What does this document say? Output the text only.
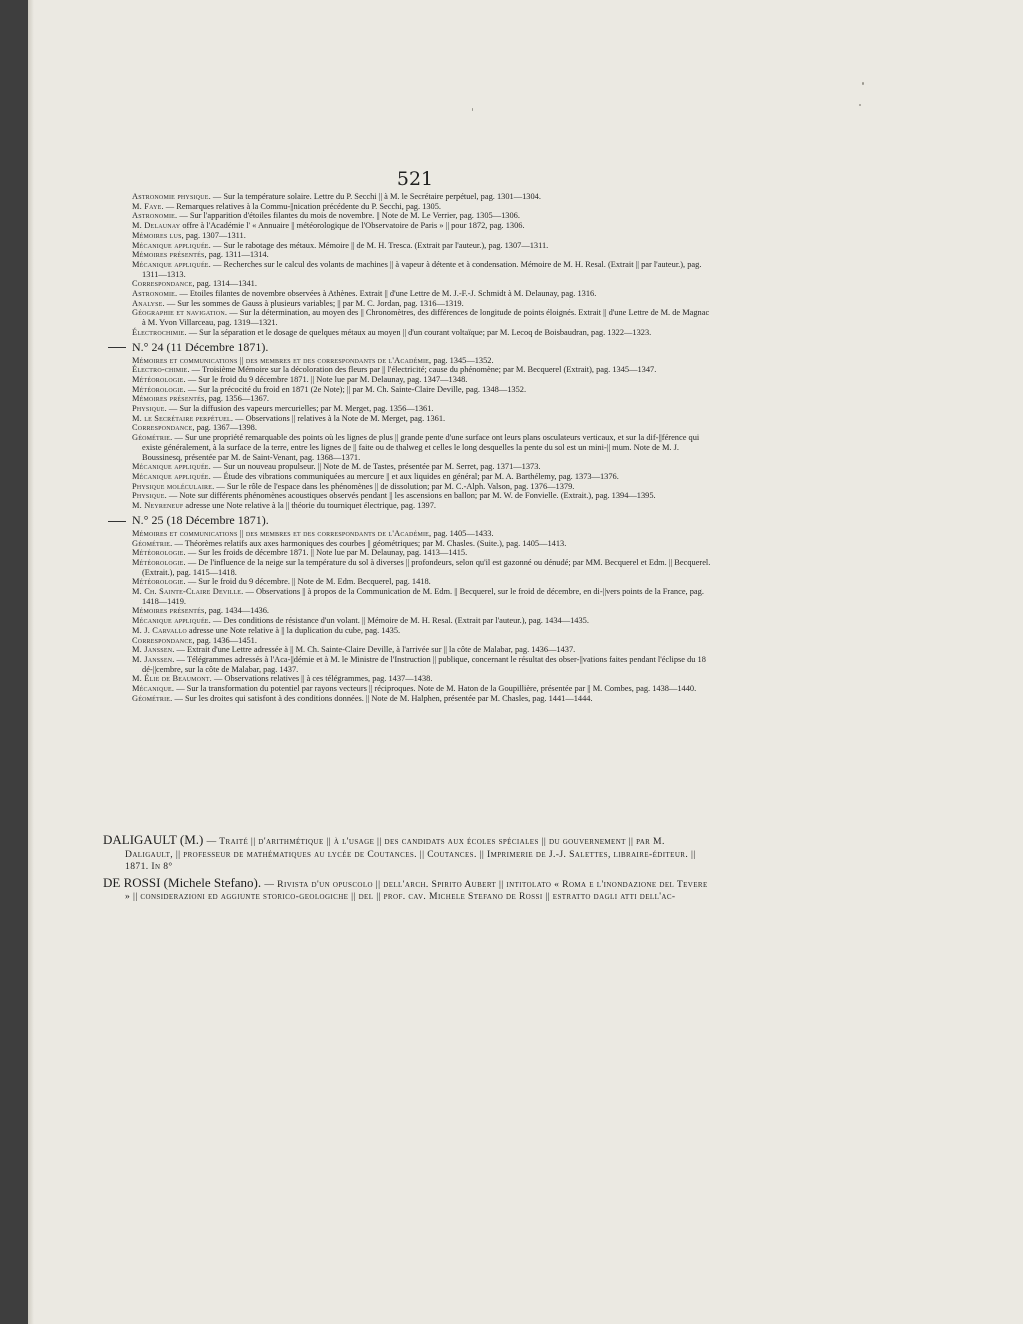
521

Astronomie physique. — Sur la température solaire. Lettre du P. Secchi || à M. le Secrétaire perpétuel, pag. 1301—1304.

M. Faye. — Remarques relatives à la Commu-||nication précédente du P. Secchi, pag. 1305.

Astronomie. — Sur l'apparition d'étoiles filantes du mois de novembre. || Note de M. Le Verrier, pag. 1305—1306.

M. Delaunay offre à l'Académie l' « Annuaire || météorologique de l'Observatoire de Paris » || pour 1872, pag. 1306.

Mémoires lus, pag. 1307—1311.

Mécanique appliquée. — Sur le rabotage des métaux. Mémoire || de M. H. Tresca. (Extrait par l'auteur.), pag. 1307—1311.

Mémoires présentés, pag. 1311—1314.

Mécanique appliquée. — Recherches sur le calcul des volants de machines || à vapeur à détente et à condensation. Mémoire de M. H. Resal. (Extrait || par l'auteur.), pag. 1311—1313.

Correspondance, pag. 1314—1341.

Astronomie. — Etoiles filantes de novembre observées à Athènes. Extrait || d'une Lettre de M. J.-F.-J. Schmidt à M. Delaunay, pag. 1316.

Analyse. — Sur les sommes de Gauss à plusieurs variables; || par M. C. Jordan, pag. 1316—1319.

Géographie et navigation. — Sur la détermination, au moyen des || Chronomètres, des différences de longitude de points éloignés. Extrait || d'une Lettre de M. de Magnac à M. Yvon Villarceau, pag. 1319—1321.

Électrochimie. — Sur la séparation et le dosage de quelques métaux au moyen || d'un courant voltaïque; par M. Lecoq de Boisbaudran, pag. 1322—1323.

N.° 24 (11 Décembre 1871).

Mémoires et communications || des membres et des correspondants de l'Académie, pag. 1345—1352.

Électro-chimie. — Troisième Mémoire sur la décoloration des fleurs par || l'électricité; cause du phénomène; par M. Becquerel (Extrait), pag. 1345—1347.

Météorologie. — Sur le froid du 9 décembre 1871. || Note lue par M. Delaunay, pag. 1347—1348.

Météorologie. — Sur la précocité du froid en 1871 (2e Note); || par M. Ch. Sainte-Claire Deville, pag. 1348—1352.

Mémoires présentés, pag. 1356—1367.

Physique. — Sur la diffusion des vapeurs mercurielles; par M. Merget, pag. 1356—1361.

M. le Secrétaire perpétuel. — Observations || relatives à la Note de M. Merget, pag. 1361.

Correspondance, pag. 1367—1398.

Géométrie. — Sur une propriété remarquable des points où les lignes de plus || grande pente d'une surface ont leurs plans osculateurs verticaux, et sur la dif-||férence qui existe généralement, à la surface de la terre, entre les lignes de || faite ou de thalweg et celles le long desquelles la pente du sol est un mini-|| mum. Note de M. J. Boussinesq, présentée par M. de Saint-Venant, pag. 1368—1371.

Mécanique appliquée. — Sur un nouveau propulseur. || Note de M. de Tastes, présentée par M. Serret, pag. 1371—1373.

Mécanique appliquée. — Étude des vibrations communiquées au mercure || et aux liquides en général; par M. A. Barthélemy, pag. 1373—1376.

Physique moléculaire. — Sur le rôle de l'espace dans les phénomènes || de dissolution; par M. C.-Alph. Valson, pag. 1376—1379.

Physique. — Note sur différents phénomènes acoustiques observés pendant || les ascensions en ballon; par M. W. de Fonvielle. (Extrait.), pag. 1394—1395.

M. Neyreneuf adresse une Note relative à la || théorie du tourniquet électrique, pag. 1397.

N.° 25 (18 Décembre 1871).

Mémoires et communications || des membres et des correspondants de l'Académie, pag. 1405—1433.

Géométrie. — Théorèmes relatifs aux axes harmoniques des courbes || géométriques; par M. Chasles. (Suite.), pag. 1405—1413.

Météorologie. — Sur les froids de décembre 1871. || Note lue par M. Delaunay, pag. 1413—1415.

Météorologie. — De l'influence de la neige sur la température du sol à diverses || profondeurs, selon qu'il est gazonné ou dénudé; par MM. Becquerel et Edm. || Becquerel. (Extrait.), pag. 1415—1418.

Météorologie. — Sur le froid du 9 décembre. || Note de M. Edm. Becquerel, pag. 1418.

M. Ch. Sainte-Claire Deville. — Observations || à propos de la Communication de M. Edm. || Becquerel, sur le froid de décembre, en di-||vers points de la France, pag. 1418—1419.

Mémoires présentés, pag. 1434—1436.

Mécanique appliquée. — Des conditions de résistance d'un volant. || Mémoire de M. H. Resal. (Extrait par l'auteur.), pag. 1434—1435.

M. J. Carvallo adresse une Note relative à || la duplication du cube, pag. 1435.

Correspondance, pag. 1436—1451.

M. Janssen. — Extrait d'une Lettre adressée à || M. Ch. Sainte-Claire Deville, à l'arrivée sur || la côte de Malabar, pag. 1436—1437.

M. Janssen. — Télégrammes adressés à l'Aca-||démie et à M. le Ministre de l'Instruction || publique, concernant le résultat des obser-||vations faites pendant l'éclipse du 18 dé-||cembre, sur la côte de Malabar, pag. 1437.

M. Élie de Beaumont. — Observations relatives || à ces télégrammes, pag. 1437—1438.

Mécanique. — Sur la transformation du potentiel par rayons vecteurs || réciproques. Note de M. Haton de la Goupillière, présentée par || M. Combes, pag. 1438—1440.

Géométrie. — Sur les droites qui satisfont à des conditions données. || Note de M. Halphen, présentée par M. Chasles, pag. 1441—1444.

DALIGAULT (M.) — Traité || d'arithmétique || à l'usage || des candidats aux écoles spéciales || du gouvernement || par M. Daligault, || professeur de mathématiques au lycée de Coutances. || Coutances. || Imprimerie de J.-J. Salettes, libraire-éditeur. || 1871. In 8°

DE ROSSI (Michele Stefano). — Rivista d'un opuscolo || dell'arch. Spirito Aubert || intitolato « Roma e l'inondazione del Tevere » || considerazioni ed aggiunte storico-geologiche || del || prof. cav. Michele Stefano de Rossi || estratto dagli atti dell'ac-
